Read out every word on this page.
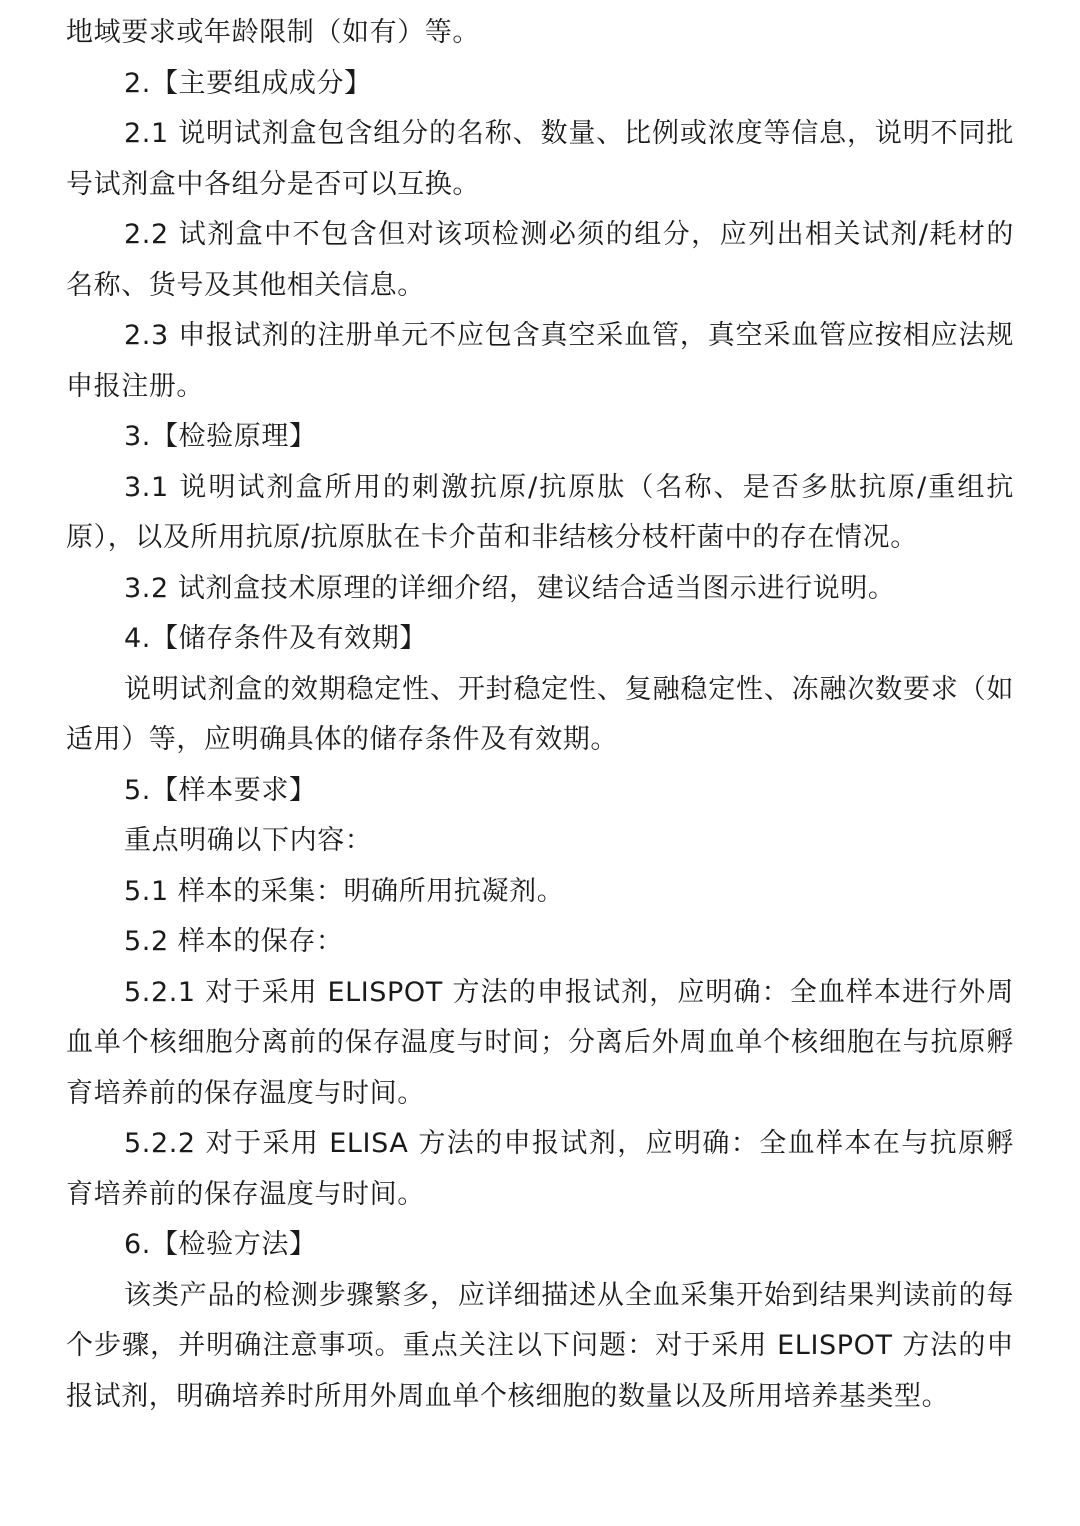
地域要求或年龄限制（如有）等。

2.【主要组成成分】

2.1 说明试剂盒包含组分的名称、数量、比例或浓度等信息，说明不同批号试剂盒中各组分是否可以互换。

2.2 试剂盒中不包含但对该项检测必须的组分，应列出相关试剂/耗材的名称、货号及其他相关信息。

2.3 申报试剂的注册单元不应包含真空采血管，真空采血管应按相应法规申报注册。

3.【检验原理】

3.1 说明试剂盒所用的刺激抗原/抗原肽（名称、是否多肽抗原/重组抗原），以及所用抗原/抗原肽在卡介苗和非结核分枝杆菌中的存在情况。

3.2 试剂盒技术原理的详细介绍，建议结合适当图示进行说明。

4.【储存条件及有效期】

说明试剂盒的效期稳定性、开封稳定性、复融稳定性、冻融次数要求（如适用）等，应明确具体的储存条件及有效期。

5.【样本要求】

重点明确以下内容：

5.1 样本的采集：明确所用抗凝剂。

5.2 样本的保存：

5.2.1 对于采用 ELISPOT 方法的申报试剂，应明确：全血样本进行外周血单个核细胞分离前的保存温度与时间；分离后外周血单个核细胞在与抗原孵育培养前的保存温度与时间。

5.2.2 对于采用 ELISA 方法的申报试剂，应明确：全血样本在与抗原孵育培养前的保存温度与时间。

6.【检验方法】

该类产品的检测步骤繁多，应详细描述从全血采集开始到结果判读前的每个步骤，并明确注意事项。重点关注以下问题：对于采用 ELISPOT 方法的申报试剂，明确培养时所用外周血单个核细胞的数量以及所用培养基类型。
